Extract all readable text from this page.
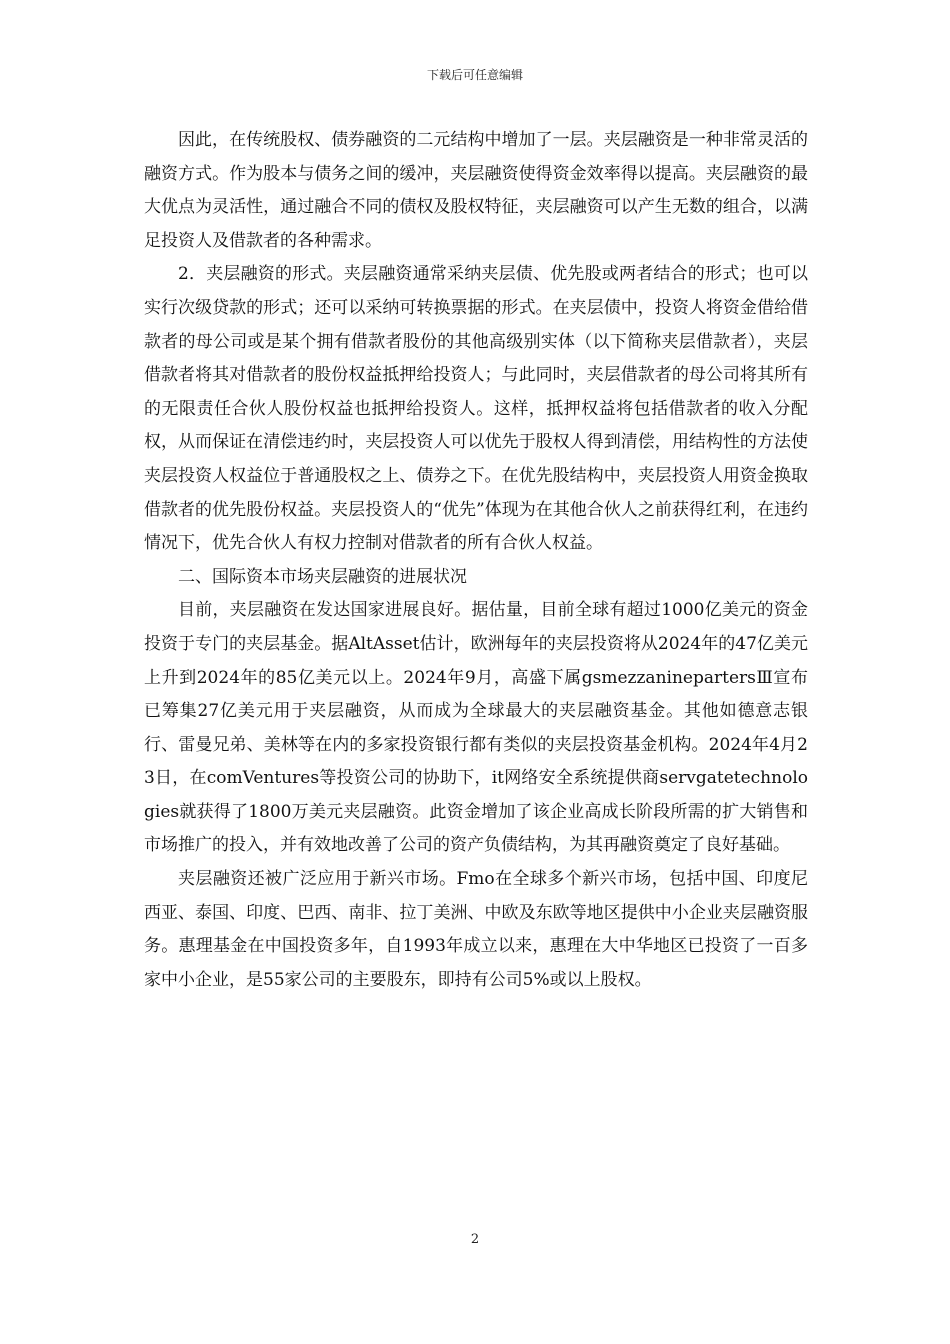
下载后可任意编辑

因此，在传统股权、债券融资的二元结构中增加了一层。夹层融资是一种非常灵活的融资方式。作为股本与债务之间的缓冲，夹层融资使得资金效率得以提高。夹层融资的最大优点为灵活性，通过融合不同的债权及股权特征，夹层融资可以产生无数的组合，以满足投资人及借款者的各种需求。

2．夹层融资的形式。夹层融资通常采纳夹层债、优先股或两者结合的形式；也可以实行次级贷款的形式；还可以采纳可转换票据的形式。在夹层债中，投资人将资金借给借款者的母公司或是某个拥有借款者股份的其他高级别实体（以下简称夹层借款者），夹层借款者将其对借款者的股份权益抵押给投资人；与此同时，夹层借款者的母公司将其所有的无限责任合伙人股份权益也抵押给投资人。这样，抵押权益将包括借款者的收入分配权，从而保证在清偿违约时，夹层投资人可以优先于股权人得到清偿，用结构性的方法使夹层投资人权益位于普通股权之上、债券之下。在优先股结构中，夹层投资人用资金换取借款者的优先股份权益。夹层投资人的“优先”体现为在其他合伙人之前获得红利，在违约情况下，优先合伙人有权力控制对借款者的所有合伙人权益。

二、国际资本市场夹层融资的进展状况

目前，夹层融资在发达国家进展良好。据估量，目前全球有超过1000亿美元的资金投资于专门的夹层基金。据AltAsset估计，欧洲每年的夹层投资将从2024年的47亿美元上升到2024年的85亿美元以上。2024年9月，高盛下属gsmezzaninepartersⅢ宣布已筹集27亿美元用于夹层融资，从而成为全球最大的夹层融资基金。其他如德意志银行、雷曼兄弟、美林等在内的多家投资银行都有类似的夹层投资基金机构。2024年4月23日，在comVentures等投资公司的协助下，it网络安全系统提供商servgatetechnologies就获得了1800万美元夹层融资。此资金增加了该企业高成长阶段所需的扩大销售和市场推广的投入，并有效地改善了公司的资产负债结构，为其再融资奠定了良好基础。

夹层融资还被广泛应用于新兴市场。Fmo在全球多个新兴市场，包括中国、印度尼西亚、泰国、印度、巴西、南非、拉丁美洲、中欧及东欧等地区提供中小企业夹层融资服务。惠理基金在中国投资多年，自1993年成立以来，惠理在大中华地区已投资了一百多家中小企业，是55家公司的主要股东，即持有公司5%或以上股权。

2
